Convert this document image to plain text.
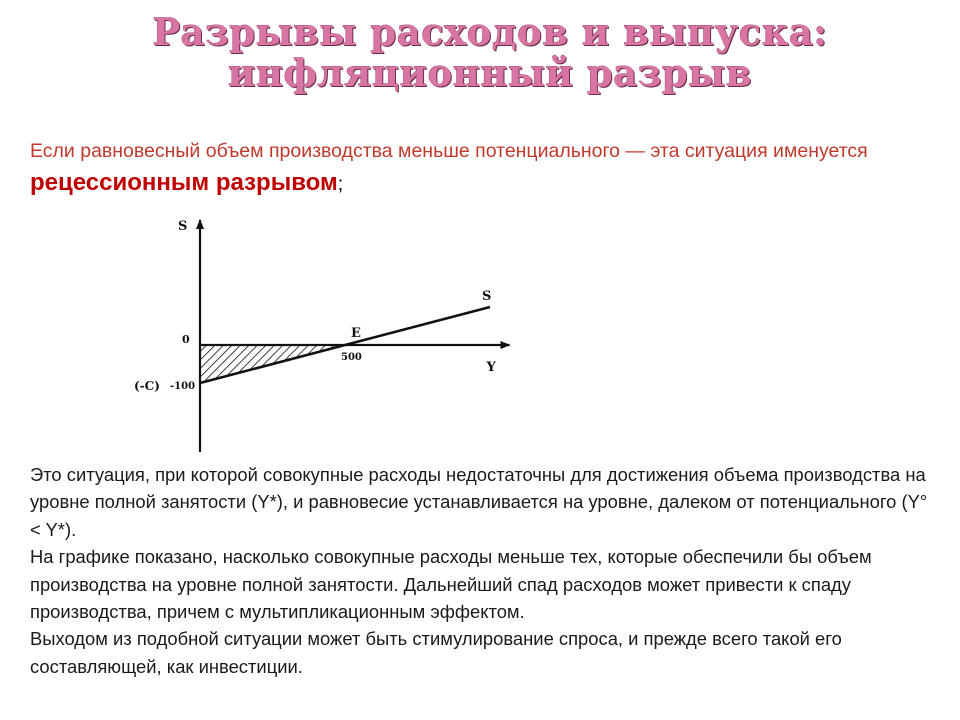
Разрывы расходов и выпуска:
инфляционный разрыв

Если равновесный объем производства меньше потенциального — эта ситуация именуется рецессионным разрывом;

S
Y
S
0
(-C) -100
E
500

Это ситуация, при которой совокупные расходы недостаточны для достижения объема производства на уровне полной занятости (Y*), и равновесие устанавливается на уровне, далеком от потенциального (Y° < Y*).
На графике показано, насколько совокупные расходы меньше тех, которые обеспечили бы объем производства на уровне полной занятости. Дальнейший спад расходов может привести к спаду производства, причем с мультипликационным эффектом.
Выходом из подобной ситуации может быть стимулирование спроса, и прежде всего такой его составляющей, как инвестиции.
